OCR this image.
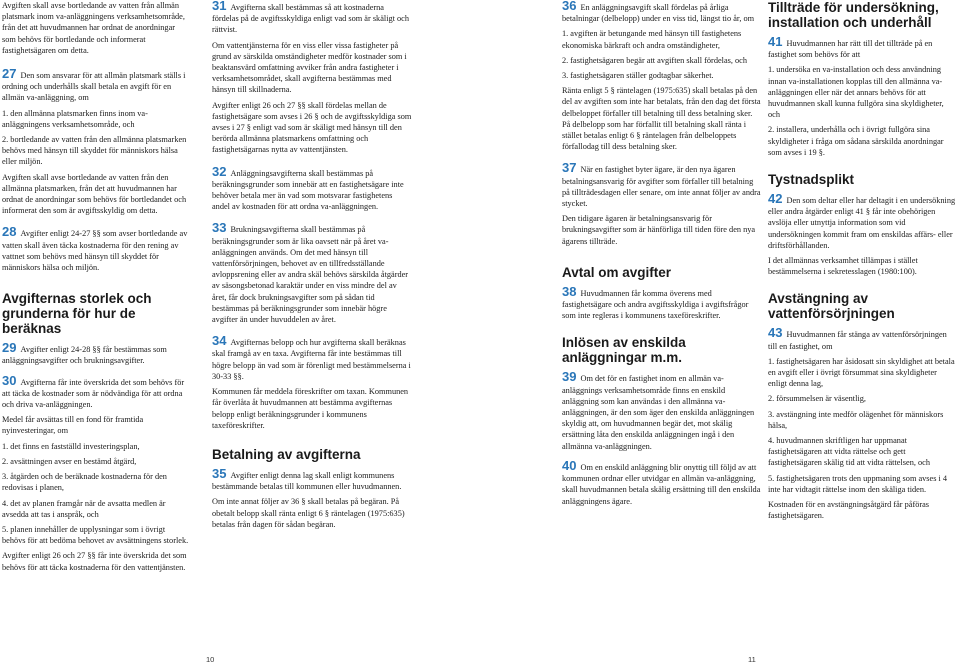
Avgiften skall avse bortledande av vatten från allmän platsmark inom va-anläggningens verksamhetsområde, från det att huvudmannen har ordnat de anordningar som behövs för bortledande och informerat fastighetsägaren om detta.

27 Den som ansvarar för att allmän platsmark ställs i ordning och underhålls skall betala en avgift för en allmän va-anläggning, om

1. den allmänna platsmarken finns inom va-anläggningens verksamhetsområde, och

2. bortledande av vatten från den allmänna platsmarken behövs med hänsyn till skyddet för människors hälsa eller miljön.

Avgiften skall avse bortledande av vatten från den allmänna platsmarken, från det att huvudmannen har ordnat de anordningar som behövs för bortledandet och informerat den som är avgiftsskyldig om detta.

28 Avgifter enligt 24-27 §§ som avser bortledande av vatten skall även täcka kostnaderna för den rening av vattnet som behövs med hänsyn till skyddet för människors hälsa och miljön.

Avgifternas storlek och
grunderna för hur de
beräknas

29 Avgifter enligt 24-28 §§ får bestämmas som anläggningsavgifter och brukningsavgifter.

30 Avgifterna får inte överskrida det som behövs för att täcka de kostnader som är nödvändiga för att ordna och driva va-anläggningen.

Medel får avsättas till en fond för framtida nyinvesteringar, om

1. det finns en fastställd investeringsplan,

2. avsättningen avser en bestämd åtgärd,

3. åtgärden och de beräknade kostnaderna för den redovisas i planen,

4. det av planen framgår när de avsatta medlen är avsedda att tas i anspråk, och

5. planen innehåller de upplysningar som i övrigt behövs för att bedöma behovet av avsättningens storlek.

Avgifter enligt 26 och 27 §§ får inte överskrida det som behövs för att täcka kostnaderna för den vattentjänsten.

31 Avgifterna skall bestämmas så att kostnaderna fördelas på de avgiftsskyldiga enligt vad som är skäligt och rättvist.

Om vattentjänsterna för en viss eller vissa fastigheter på grund av särskilda omständigheter medför kostnader som i beaktansvärd omfattning avviker från andra fastigheter i verksamhetsområdet, skall avgifterna bestämmas med hänsyn till skillnaderna.

Avgifter enligt 26 och 27 §§ skall fördelas mellan de fastighetsägare som avses i 26 § och de avgiftsskyldiga som avses i 27 § enligt vad som är skäligt med hänsyn till den berörda allmänna platsmarkens omfattning och fastighetsägarnas nytta av vattentjänsten.

32 Anläggningsavgifterna skall bestämmas på beräkningsgrunder som innebär att en fastighetsägare inte behöver betala mer än vad som motsvarar fastighetens andel av kostnaden för att ordna va-anläggningen.

33 Brukningsavgifterna skall bestämmas på beräkningsgrunder som är lika oavsett när på året va-anläggningen används. Om det med hänsyn till vattenförsörjningen, behovet av en tillfredsställande avloppsrening eller av andra skäl behövs särskilda åtgärder av säsongsbetonad karaktär under en viss mindre del av året, får dock brukningsavgifter som på sådan tid bestämmas på beräkningsgrunder som innebär högre avgifter än under huvuddelen av året.

34 Avgifternas belopp och hur avgifterna skall beräknas skal framgå av en taxa. Avgifterna får inte bestämmas till högre belopp än vad som är förenligt med bestämmelserna i 30-33 §§.

Kommunen får meddela föreskrifter om taxan. Kommunen får överlåta åt huvudmannen att bestämma avgifternas belopp enligt beräkningsgrunder i kommunens taxeföreskrifter.

Betalning av avgifterna

35 Avgifter enligt denna lag skall enligt kommunens bestämmande betalas till kommunen eller huvudmannen.

Om inte annat följer av 36 § skall betalas på begäran. På obetalt belopp skall ränta enligt 6 § räntelagen (1975:635) betalas från dagen för sådan begäran.

10

36 En anläggningsavgift skall fördelas på årliga betalningar (delbelopp) under en viss tid, längst tio år, om

1. avgiften är betungande med hänsyn till fastighetens ekonomiska bärkraft och andra omständigheter,

2. fastighetsägaren begär att avgiften skall fördelas, och

3. fastighetsägaren ställer godtagbar säkerhet.

Ränta enligt 5 § räntelagen (1975:635) skall betalas på den del av avgiften som inte har betalats, från den dag det första delbeloppet förfaller till betalning till dess betalning sker. På delbelopp som har förfallit till betalning skall ränta i stället betalas enligt 6 § räntelagen från delbeloppets förfallodag till dess betalning sker.

37 När en fastighet byter ägare, är den nya ägaren betalningsansvarig för avgifter som förfaller till betalning på tillträdesdagen eller senare, om inte annat följer av andra stycket.

Den tidigare ägaren är betalningsansvarig för brukningsavgifter som är hänförliga till tiden före den nya ägarens tillträde.

Avtal om avgifter

38 Huvudmannen får komma överens med fastighetsägare och andra avgiftsskyldiga i avgiftsfrågor som inte regleras i kommunens taxeföreskrifter.

Inlösen av enskilda
anläggningar m.m.

39 Om det för en fastighet inom en allmän va-anläggnings verksamhetsområde finns en enskild anläggning som kan användas i den allmänna va-anläggningen, är den som äger den enskilda anläggningen skyldig att, om huvudmannen begär det, mot skälig ersättning låta den enskilda anläggningen ingå i den allmänna va-anläggningen.

40 Om en enskild anläggning blir onyttig till följd av att kommunen ordnar eller utvidgar en allmän va-anläggning, skall huvudmannen betala skälig ersättning till den enskilda anläggningens ägare.

Tillträde för undersökning,
installation och underhåll

41 Huvudmannen har rätt till det tillträde på en fastighet som behövs för att

1. undersöka en va-installation och dess användning innan va-installationen kopplas till den allmänna va-anläggningen eller när det annars behövs för att huvudmannen skall kunna fullgöra sina skyldigheter, och

2. installera, underhålla och i övrigt fullgöra sina skyldigheter i fråga om sådana särskilda anordningar som avses i 19 §.

Tystnadsplikt

42 Den som deltar eller har deltagit i en undersökning eller andra åtgärder enligt 41 § får inte obehörigen avslöja eller utnyttja information som vid undersökningen kommit fram om enskildas affärs- eller driftsförhållanden.

I det allmännas verksamhet tillämpas i stället bestämmelserna i sekretesslagen (1980:100).

Avstängning av
vattenförsörjningen

43 Huvudmannen får stänga av vattenförsörjningen till en fastighet, om

1. fastighetsägaren har åsidosatt sin skyldighet att betala en avgift eller i övrigt försummat sina skyldigheter enligt denna lag,

2. försummelsen är väsentlig,

3. avstängning inte medför olägenhet för människors hälsa,

4. huvudmannen skriftligen har uppmanat fastighetsägaren att vidta rättelse och gett fastighetsägaren skälig tid att vidta rättelsen, och

5. fastighetsägaren trots den uppmaning som avses i 4 inte har vidtagit rättelse inom den skäliga tiden.

Kostnaden för en avstängningsåtgärd får påföras fastighetsägaren.

11
